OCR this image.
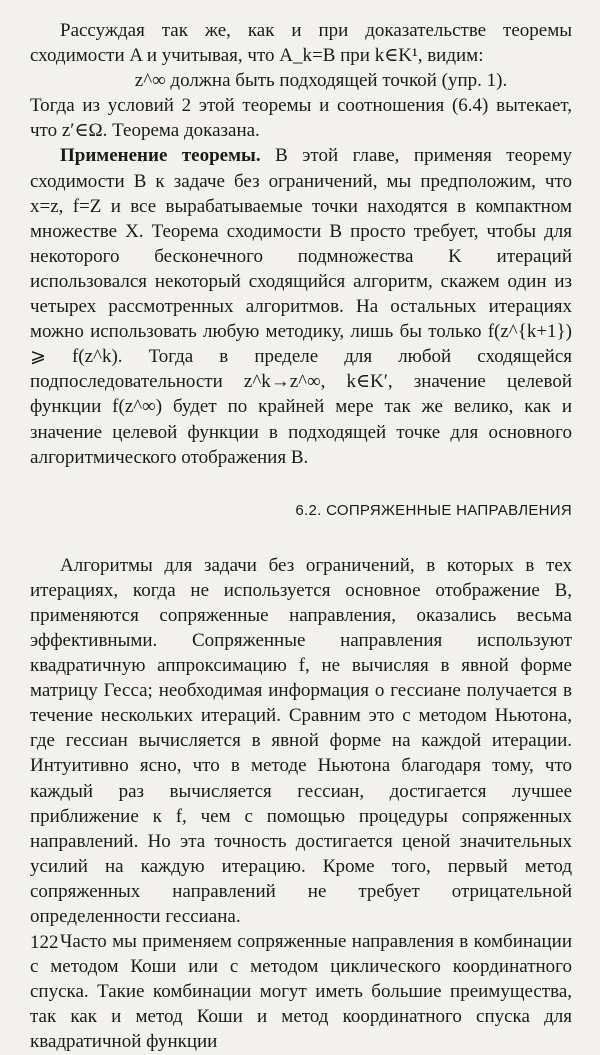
Рассуждая так же, как и при доказательстве теоремы сходимости A и учитывая, что A_k=B при k∈K¹, видим:

z^∞ должна быть подходящей точкой (упр. 1).

Тогда из условий 2 этой теоремы и соотношения (6.4) вытекает, что z′∈Ω. Теорема доказана.

Применение теоремы. В этой главе, применяя теорему сходимости B к задаче без ограничений, мы предположим, что x=z, f=Z и все вырабатываемые точки находятся в компактном множестве X. Теорема сходимости B просто требует, чтобы для некоторого бесконечного подмножества K итераций использовался некоторый сходящийся алгоритм, скажем один из четырех рассмотренных алгоритмов. На остальных итерациях можно использовать любую методику, лишь бы только f(z^{k+1}) ⩾ f(z^k). Тогда в пределе для любой сходящейся подпоследовательности z^k→z^∞, k∈K′, значение целевой функции f(z^∞) будет по крайней мере так же велико, как и значение целевой функции в подходящей точке для основного алгоритмического отображения B.

6.2. СОПРЯЖЕННЫЕ НАПРАВЛЕНИЯ

Алгоритмы для задачи без ограничений, в которых в тех итерациях, когда не используется основное отображение B, применяются сопряженные направления, оказались весьма эффективными. Сопряженные направления используют квадратичную аппроксимацию f, не вычисляя в явной форме матрицу Гесса; необходимая информация о гессиане получается в течение нескольких итераций. Сравним это с методом Ньютона, где гессиан вычисляется в явной форме на каждой итерации. Интуитивно ясно, что в методе Ньютона благодаря тому, что каждый раз вычисляется гессиан, достигается лучшее приближение к f, чем с помощью процедуры сопряженных направлений. Но эта точность достигается ценой значительных усилий на каждую итерацию. Кроме того, первый метод сопряженных направлений не требует отрицательной определенности гессиана.

Часто мы применяем сопряженные направления в комбинации с методом Коши или с методом циклического координатного спуска. Такие комбинации могут иметь большие преимущества, так как и метод Коши и метод координатного спуска для квадратичной функции

122
